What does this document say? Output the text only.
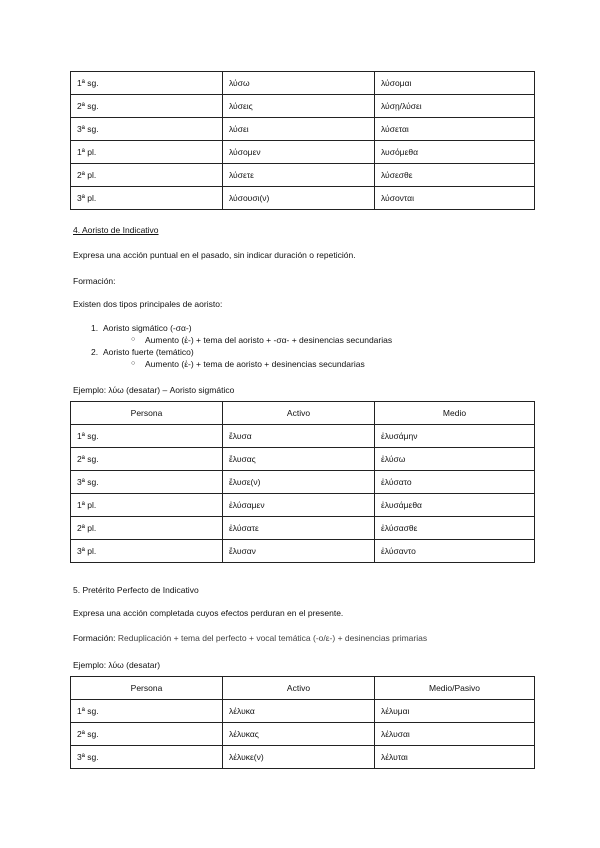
1ª sg.	λύσω	λύσομαι
2ª sg.	λύσεις	λύσῃ/λύσει
3ª sg.	λύσει	λύσεται
1ª pl.	λύσομεν	λυσόμεθα
2ª pl.	λύσετε	λύσεσθε
3ª pl.	λύσουσι(ν)	λύσονται
4. Aoristo de Indicativo
Expresa una acción puntual en el pasado, sin indicar duración o repetición.
Formación:
Existen dos tipos principales de aoristo:
1. Aoristo sigmático (-σα-)
○ Aumento (ἐ-) + tema del aoristo + -σα- + desinencias secundarias
2. Aoristo fuerte (temático)
○ Aumento (ἐ-) + tema de aoristo + desinencias secundarias
Ejemplo: λύω (desatar) – Aoristo sigmático
Persona	Activo	Medio
1ª sg.	ἔλυσα	ἐλυσάμην
2ª sg.	ἔλυσας	ἐλύσω
3ª sg.	ἔλυσε(ν)	ἐλύσατο
1ª pl.	ἐλύσαμεν	ἐλυσάμεθα
2ª pl.	ἐλύσατε	ἐλύσασθε
3ª pl.	ἔλυσαν	ἐλύσαντο
5. Pretérito Perfecto de Indicativo
Expresa una acción completada cuyos efectos perduran en el presente.
Formación: Reduplicación + tema del perfecto + vocal temática (-ο/ε-) + desinencias primarias
Ejemplo: λύω (desatar)
Persona	Activo	Medio/Pasivo
1ª sg.	λέλυκα	λέλυμαι
2ª sg.	λέλυκας	λέλυσαι
3ª sg.	λέλυκε(ν)	λέλυται
